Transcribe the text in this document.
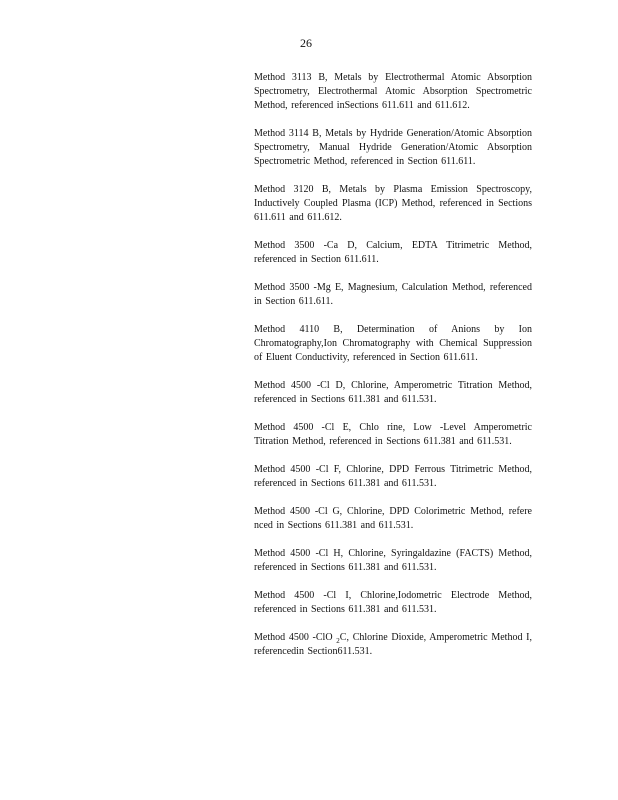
26

Method 3113 B, Metals by Electrothermal Atomic Absorption Spectrometry, Electrothermal Atomic Absorption Spectrometric Method, referenced inSections 611.611 and 611.612.

Method 3114 B, Metals by Hydride Generation/Atomic Absorption Spectrometry, Manual Hydride Generation/Atomic Absorption Spectrometric Method, referenced in Section 611.611.

Method 3120 B, Metals by Plasma Emission Spectroscopy, Inductively Coupled Plasma (ICP) Method, referenced in Sections 611.611 and 611.612.

Method 3500 -Ca D, Calcium, EDTA Titrimetric Method, referenced in Section 611.611.

Method 3500 -Mg E, Magnesium, Calculation Method, referenced in Section 611.611.

Method 4110 B, Determination of Anions by Ion Chromatography,Ion Chromatography with Chemical Suppression of Eluent Conductivity, referenced in Section 611.611.

Method 4500 -Cl D, Chlorine, Amperometric Titration Method, referenced in Sections 611.381 and 611.531.

Method 4500 -Cl E, Chlo rine, Low -Level Amperometric Titration Method, referenced in Sections 611.381 and 611.531.

Method 4500 -Cl F, Chlorine, DPD Ferrous Titrimetric Method, referenced in Sections 611.381 and 611.531.

Method 4500 -Cl G, Chlorine, DPD Colorimetric Method, refere nced in Sections 611.381 and 611.531.

Method 4500 -Cl H, Chlorine, Syringaldazine (FACTS) Method, referenced in Sections 611.381 and 611.531.

Method 4500 -Cl I, Chlorine,Iodometric Electrode Method, referenced in Sections 611.381 and 611.531.

Method 4500 -ClO $_2$C, Chlorine Dioxide, Amperometric Method I, referencedin Section611.531.
